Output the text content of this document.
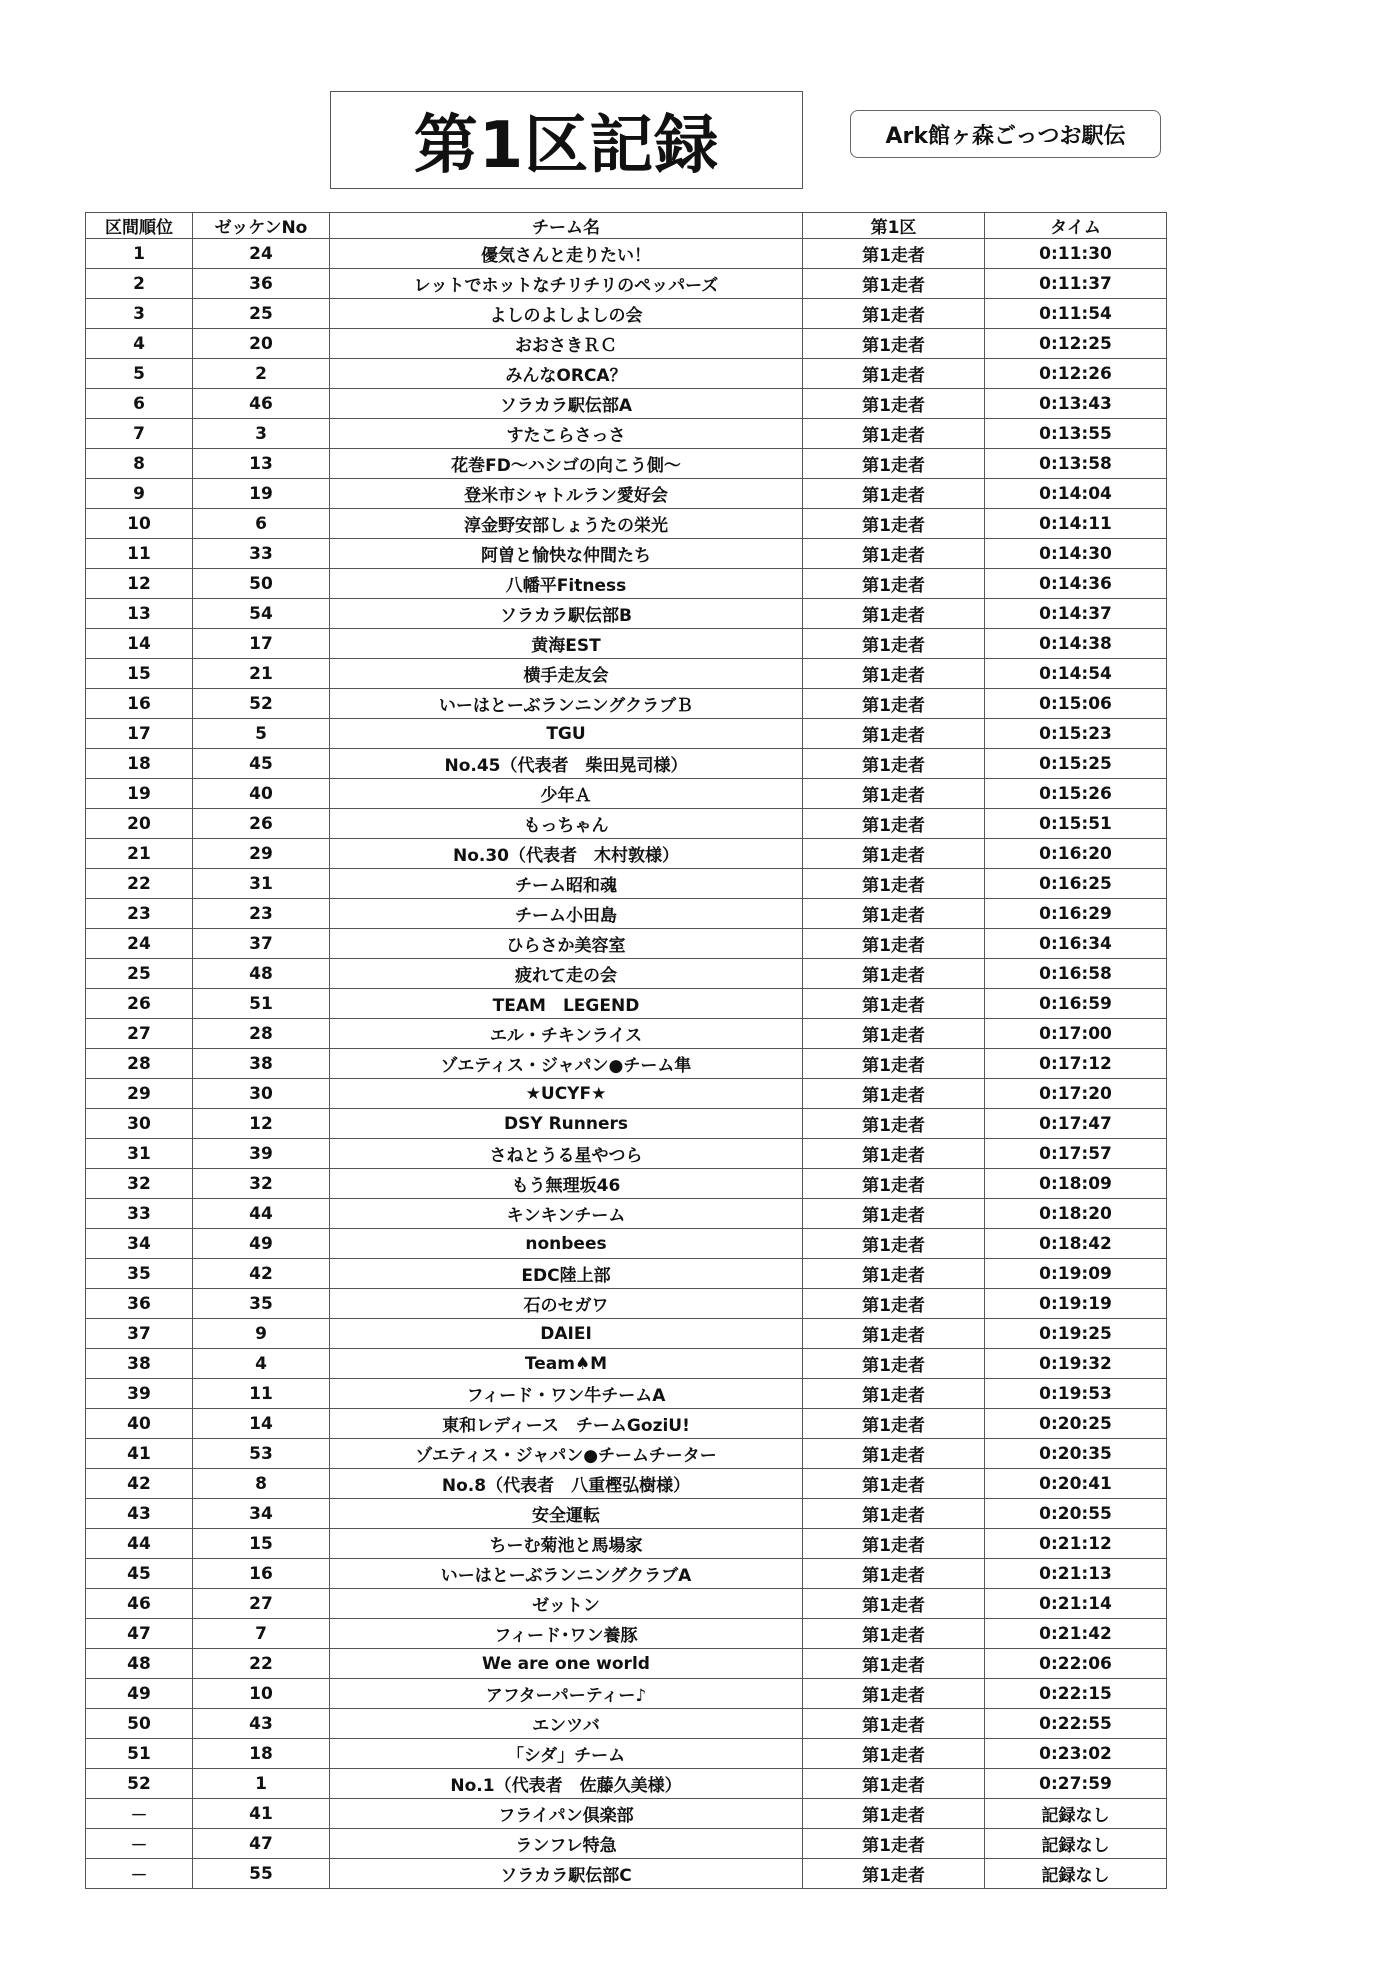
第1区記録	Ark館ヶ森ごっつお駅伝
区間順位	ゼッケンNo	チーム名	第1区	タイム
1	24	優気さんと走りたい！	第1走者	0:11:30
2	36	レットでホットなチリチリのペッパーズ	第1走者	0:11:37
3	25	よしのよしよしの会	第1走者	0:11:54
4	20	おおさきＲＣ	第1走者	0:12:25
5	2	みんなORCA？	第1走者	0:12:26
6	46	ソラカラ駅伝部A	第1走者	0:13:43
7	3	すたこらさっさ	第1走者	0:13:55
8	13	花巻FD～ハシゴの向こう側～	第1走者	0:13:58
9	19	登米市シャトルラン愛好会	第1走者	0:14:04
10	6	淳金野安部しょうたの栄光	第1走者	0:14:11
11	33	阿曽と愉快な仲間たち	第1走者	0:14:30
12	50	八幡平Fitness	第1走者	0:14:36
13	54	ソラカラ駅伝部B	第1走者	0:14:37
14	17	黄海EST	第1走者	0:14:38
15	21	横手走友会	第1走者	0:14:54
16	52	いーはとーぶランニングクラブＢ	第1走者	0:15:06
17	5	TGU	第1走者	0:15:23
18	45	No.45（代表者　柴田晃司様）	第1走者	0:15:25
19	40	少年Ａ	第1走者	0:15:26
20	26	もっちゃん	第1走者	0:15:51
21	29	No.30（代表者　木村敦様）	第1走者	0:16:20
22	31	チーム昭和魂	第1走者	0:16:25
23	23	チーム小田島	第1走者	0:16:29
24	37	ひらさか美容室	第1走者	0:16:34
25	48	疲れて走の会	第1走者	0:16:58
26	51	TEAM　LEGEND	第1走者	0:16:59
27	28	エル・チキンライス	第1走者	0:17:00
28	38	ゾエティス・ジャパン●チーム隼	第1走者	0:17:12
29	30	★UCYF★	第1走者	0:17:20
30	12	DSY Runners	第1走者	0:17:47
31	39	さねとうる星やつら	第1走者	0:17:57
32	32	もう無理坂46	第1走者	0:18:09
33	44	キンキンチーム	第1走者	0:18:20
34	49	nonbees	第1走者	0:18:42
35	42	EDC陸上部	第1走者	0:19:09
36	35	石のセガワ	第1走者	0:19:19
37	9	DAIEI	第1走者	0:19:25
38	4	Team♠M	第1走者	0:19:32
39	11	フィード・ワン牛チームA	第1走者	0:19:53
40	14	東和レディース　チームGoziU!	第1走者	0:20:25
41	53	ゾエティス・ジャパン●チームチーター	第1走者	0:20:35
42	8	No.8（代表者　八重樫弘樹様）	第1走者	0:20:41
43	34	安全運転	第1走者	0:20:55
44	15	ちーむ菊池と馬場家	第1走者	0:21:12
45	16	いーはとーぶランニングクラブA	第1走者	0:21:13
46	27	ゼットン	第1走者	0:21:14
47	7	フィード･ワン養豚	第1走者	0:21:42
48	22	We are one world	第1走者	0:22:06
49	10	アフターパーティー♪	第1走者	0:22:15
50	43	エンツバ	第1走者	0:22:55
51	18	「シダ」チーム	第1走者	0:23:02
52	1	No.1（代表者　佐藤久美様）	第1走者	0:27:59
－	41	フライパン倶楽部	第1走者	記録なし
－	47	ランフレ特急	第1走者	記録なし
－	55	ソラカラ駅伝部C	第1走者	記録なし
